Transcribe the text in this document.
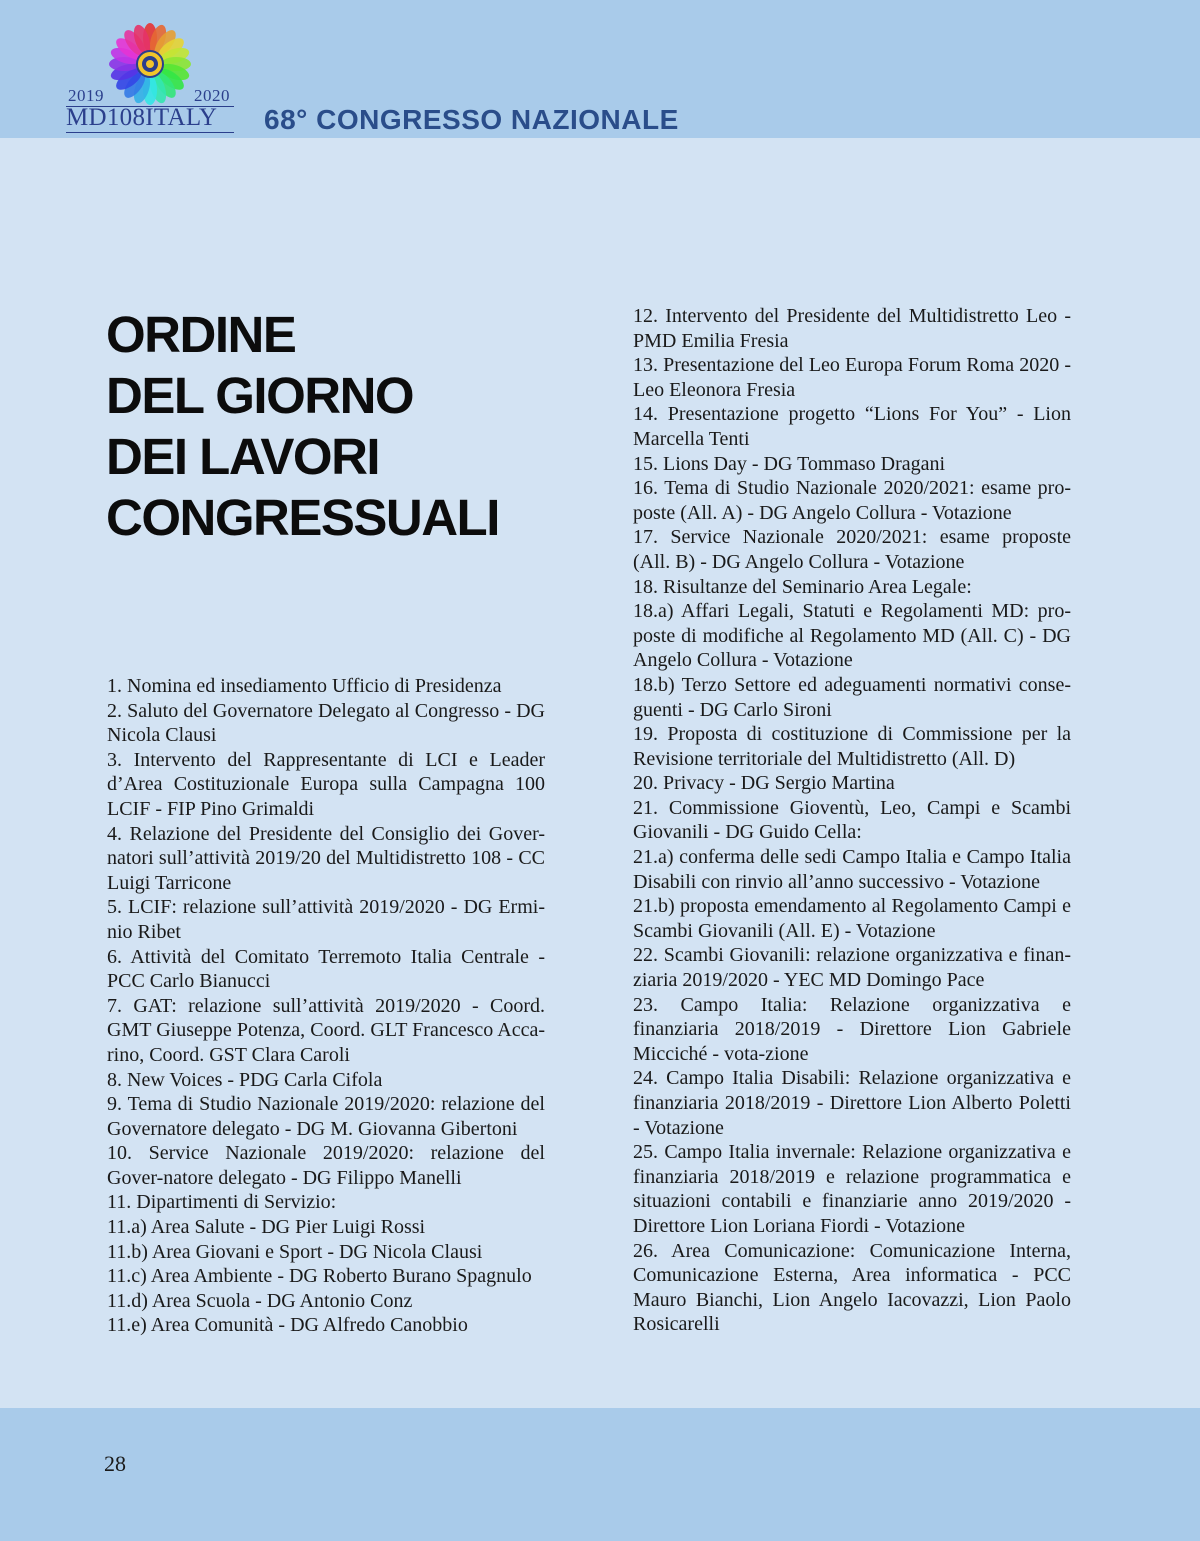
2019	2020
MD108ITALY 68° CONGRESSO NAZIONALE
ORDINE
DEL GIORNO
DEI LAVORI
CONGRESSUALI

1. Nomina ed insediamento Ufficio di Presidenza

2. Saluto del Governatore Delegato al Congresso - DG Nicola Clausi

3. Intervento del Rappresentante di LCI e Leader d’Area Costituzionale Europa sulla Campagna 100 LCIF - FIP Pino Grimaldi

4. Relazione del Presidente del Consiglio dei Gover-natori sull’attività 2019/20 del Multidistretto 108 - CC Luigi Tarricone

5. LCIF: relazione sull’attività 2019/2020 - DG Ermi-nio Ribet

6. Attività del Comitato Terremoto Italia Centrale - PCC Carlo Bianucci

7. GAT: relazione sull’attività 2019/2020 - Coord. GMT Giuseppe Potenza, Coord. GLT Francesco Acca-rino, Coord. GST Clara Caroli

8. New Voices - PDG Carla Cifola

9. Tema di Studio Nazionale 2019/2020: relazione del Governatore delegato - DG M. Giovanna Gibertoni

10. Service Nazionale 2019/2020: relazione del Gover-natore delegato - DG Filippo Manelli

11. Dipartimenti di Servizio:

11.a) Area Salute - DG Pier Luigi Rossi

11.b) Area Giovani e Sport - DG Nicola Clausi

11.c) Area Ambiente - DG Roberto Burano Spagnulo

11.d) Area Scuola - DG Antonio Conz

11.e) Area Comunità - DG Alfredo Canobbio

12. Intervento del Presidente del Multidistretto Leo - PMD Emilia Fresia

13. Presentazione del Leo Europa Forum Roma 2020 - Leo Eleonora Fresia

14. Presentazione progetto “Lions For You” - Lion Marcella Tenti

15. Lions Day - DG Tommaso Dragani

16. Tema di Studio Nazionale 2020/2021: esame pro-poste (All. A) - DG Angelo Collura - Votazione

17. Service Nazionale 2020/2021: esame proposte (All. B) - DG Angelo Collura - Votazione

18. Risultanze del Seminario Area Legale:

18.a) Affari Legali, Statuti e Regolamenti MD: pro-poste di modifiche al Regolamento MD (All. C) - DG Angelo Collura - Votazione

18.b) Terzo Settore ed adeguamenti normativi conse-guenti - DG Carlo Sironi

19. Proposta di costituzione di Commissione per la Revisione territoriale del Multidistretto (All. D)

20. Privacy - DG Sergio Martina

21. Commissione Gioventù, Leo, Campi e Scambi Giovanili - DG Guido Cella:

21.a) conferma delle sedi Campo Italia e Campo Italia Disabili con rinvio all’anno successivo - Votazione

21.b) proposta emendamento al Regolamento Campi e Scambi Giovanili (All. E) - Votazione

22. Scambi Giovanili: relazione organizzativa e finan-ziaria 2019/2020 - YEC MD Domingo Pace

23. Campo Italia: Relazione organizzativa e finanziaria 2018/2019 - Direttore Lion Gabriele Micciché - vota-zione

24. Campo Italia Disabili: Relazione organizzativa e finanziaria 2018/2019 - Direttore Lion Alberto Poletti - Votazione

25. Campo Italia invernale: Relazione organizzativa e finanziaria 2018/2019 e relazione programmatica e situazioni contabili e finanziarie anno 2019/2020 - Direttore Lion Loriana Fiordi - Votazione

26. Area Comunicazione: Comunicazione Interna, Comunicazione Esterna, Area informatica - PCC Mauro Bianchi, Lion Angelo Iacovazzi, Lion Paolo Rosicarelli

28
